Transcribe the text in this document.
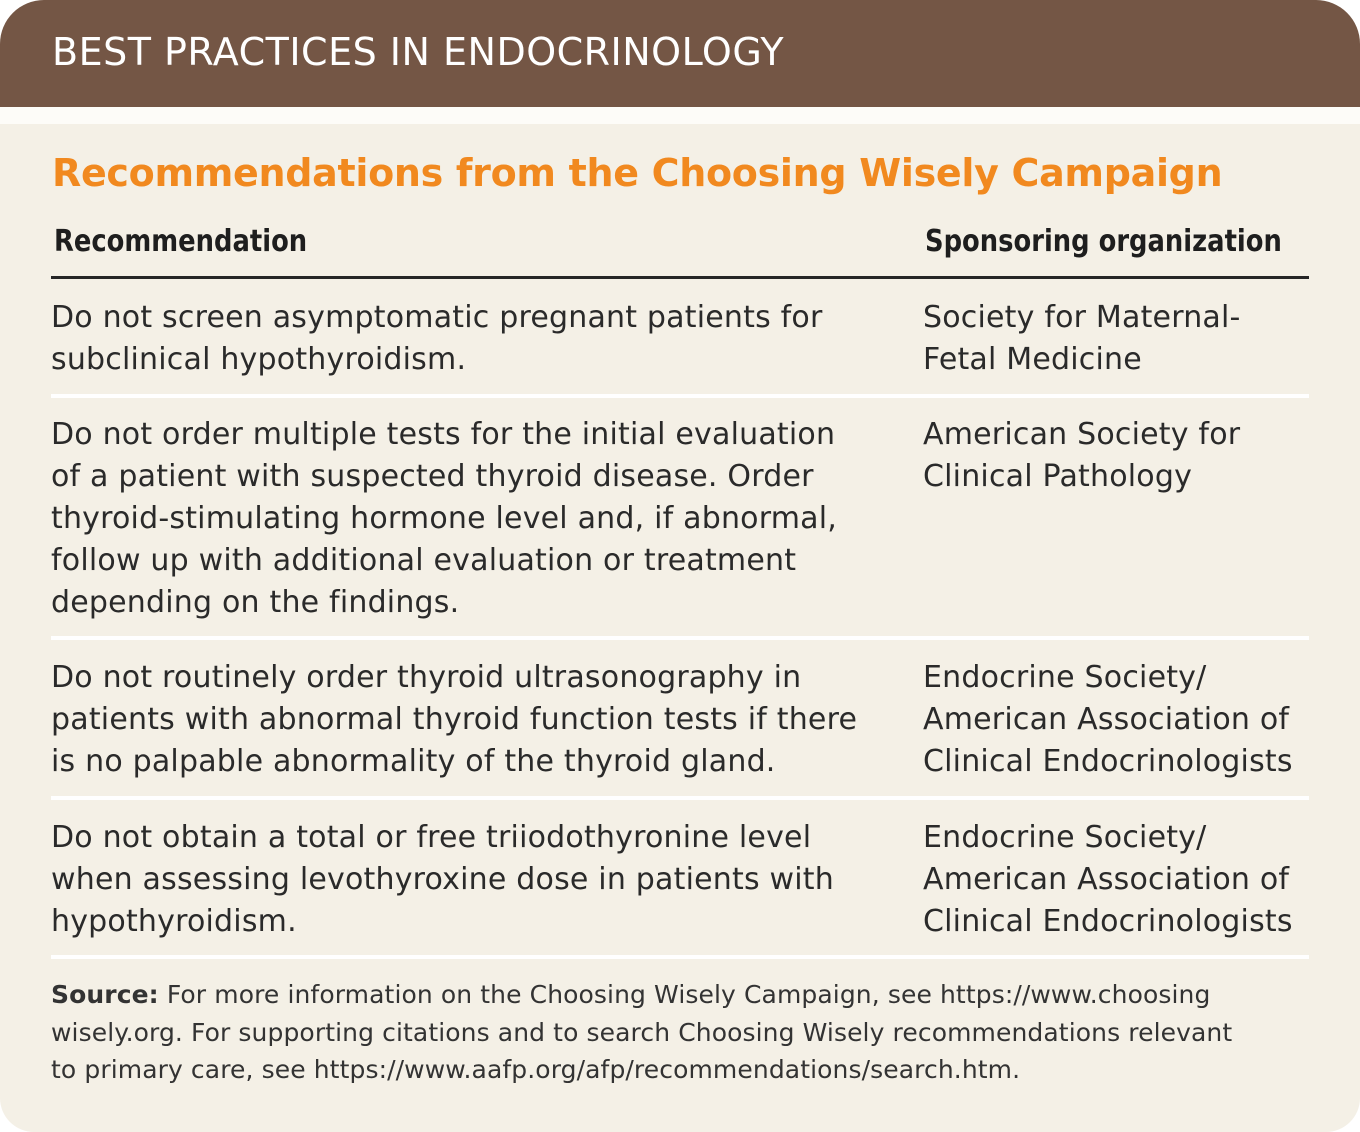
BEST PRACTICES IN ENDOCRINOLOGY
Recommendations from the Choosing Wisely Campaign
Recommendation	Sponsoring organization
Do not screen asymptomatic pregnant patients for
subclinical hypothyroidism.
Society for Maternal-
Fetal Medicine
Do not order multiple tests for the initial evaluation
of a patient with suspected thyroid disease. Order
thyroid-stimulating hormone level and, if abnormal,
follow up with additional evaluation or treatment
depending on the findings.
American Society for
Clinical Pathology
Do not routinely order thyroid ultrasonography in
patients with abnormal thyroid function tests if there
is no palpable abnormality of the thyroid gland.
Endocrine Society/
American Association of
Clinical Endocrinologists
Do not obtain a total or free triiodothyronine level
when assessing levothyroxine dose in patients with
hypothyroidism.
Endocrine Society/
American Association of
Clinical Endocrinologists
Source: For more information on the Choosing Wisely Campaign, see https://www.choosing
wisely.org. For supporting citations and to search Choosing Wisely recommendations relevant
to primary care, see https://www.aafp.org/afp/recommendations/search.htm.
